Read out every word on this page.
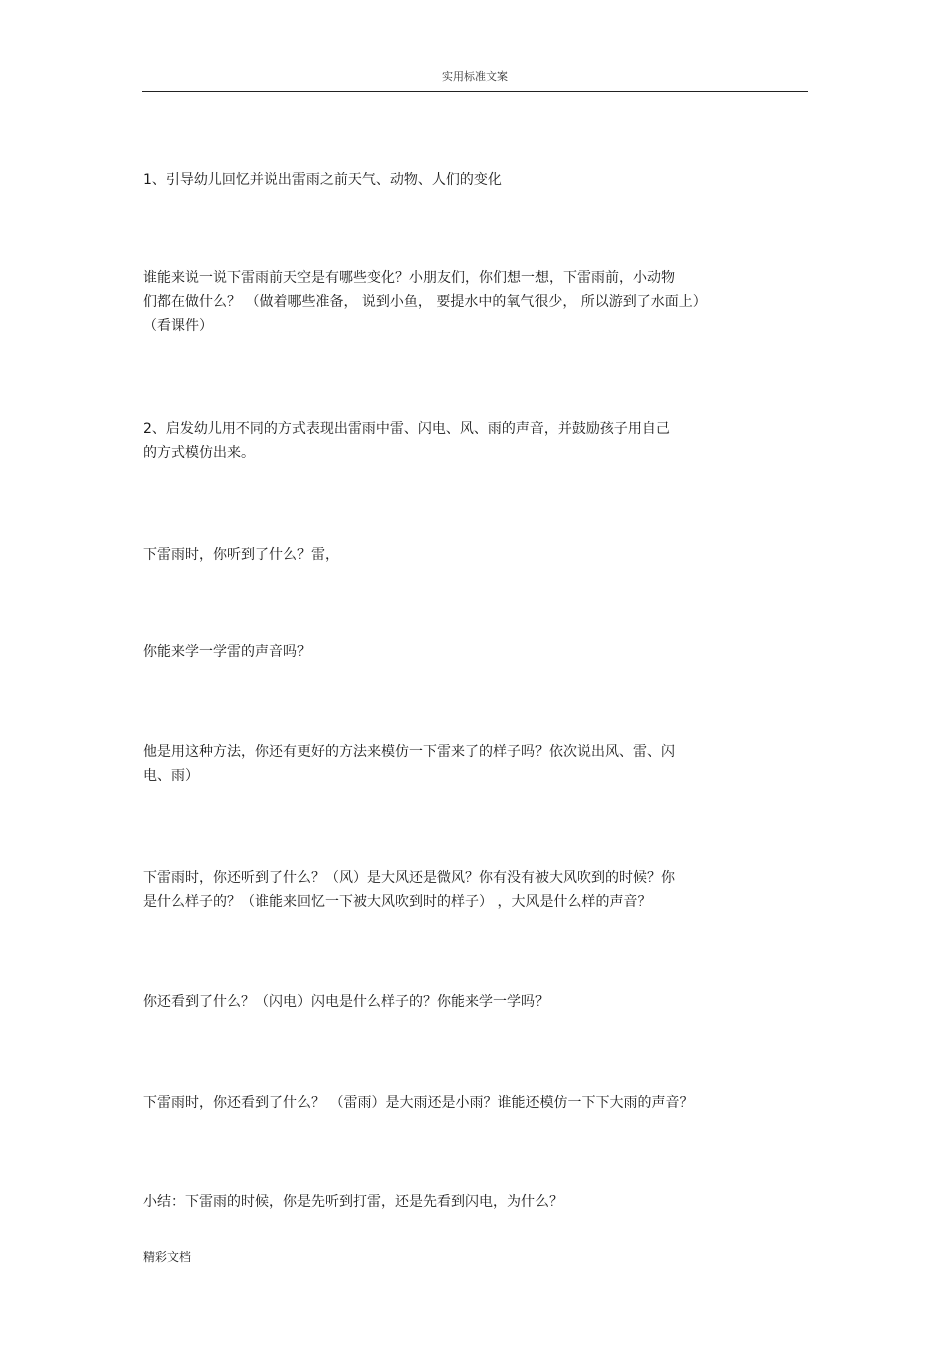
实用标准文案
1、引导幼儿回忆并说出雷雨之前天气、动物、人们的变化
谁能来说一说下雷雨前天空是有哪些变化？小朋友们，你们想一想，下雷雨前，小动物
们都在做什么？ （做着哪些准备， 说到小鱼， 要提水中的氧气很少， 所以游到了水面上）
（看课件）
2、启发幼儿用不同的方式表现出雷雨中雷、闪电、风、雨的声音，并鼓励孩子用自己
的方式模仿出来。
下雷雨时，你听到了什么？雷，
你能来学一学雷的声音吗？
他是用这种方法，你还有更好的方法来模仿一下雷来了的样子吗？依次说出风、雷、闪
电、雨）
下雷雨时，你还听到了什么？（风）是大风还是微风？你有没有被大风吹到的时候？你
是什么样子的？（谁能来回忆一下被大风吹到时的样子） ，大风是什么样的声音？
你还看到了什么？（闪电）闪电是什么样子的？你能来学一学吗？
下雷雨时，你还看到了什么？ （雷雨）是大雨还是小雨？谁能还模仿一下下大雨的声音？
小结：下雷雨的时候，你是先听到打雷，还是先看到闪电，为什么？
精彩文档
